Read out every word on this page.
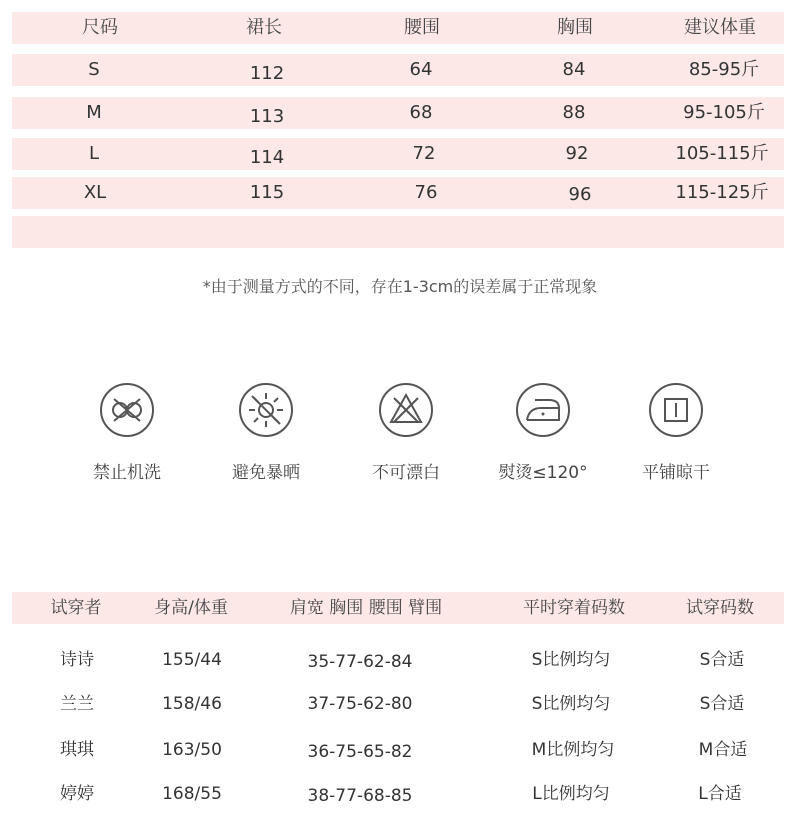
尺码	裙长	腰围	胸围	建议体重
S	112	64	84	85-95斤
M	113	68	88	95-105斤
L	114	72	92	105-115斤
XL	115	76	96	115-125斤
*由于测量方式的不同，存在1-3cm的误差属于正常现象
禁止机洗	避免暴晒	不可漂白	熨烫≤120°	平铺晾干
试穿者	身高/体重	肩宽 胸围 腰围 臂围	平时穿着码数	试穿码数
诗诗	155/44	35-77-62-84	S比例均匀	S合适
兰兰	158/46	37-75-62-80	S比例均匀	S合适
琪琪	163/50	36-75-65-82	M比例均匀	M合适
婷婷	168/55	38-77-68-85	L比例均匀	L合适
